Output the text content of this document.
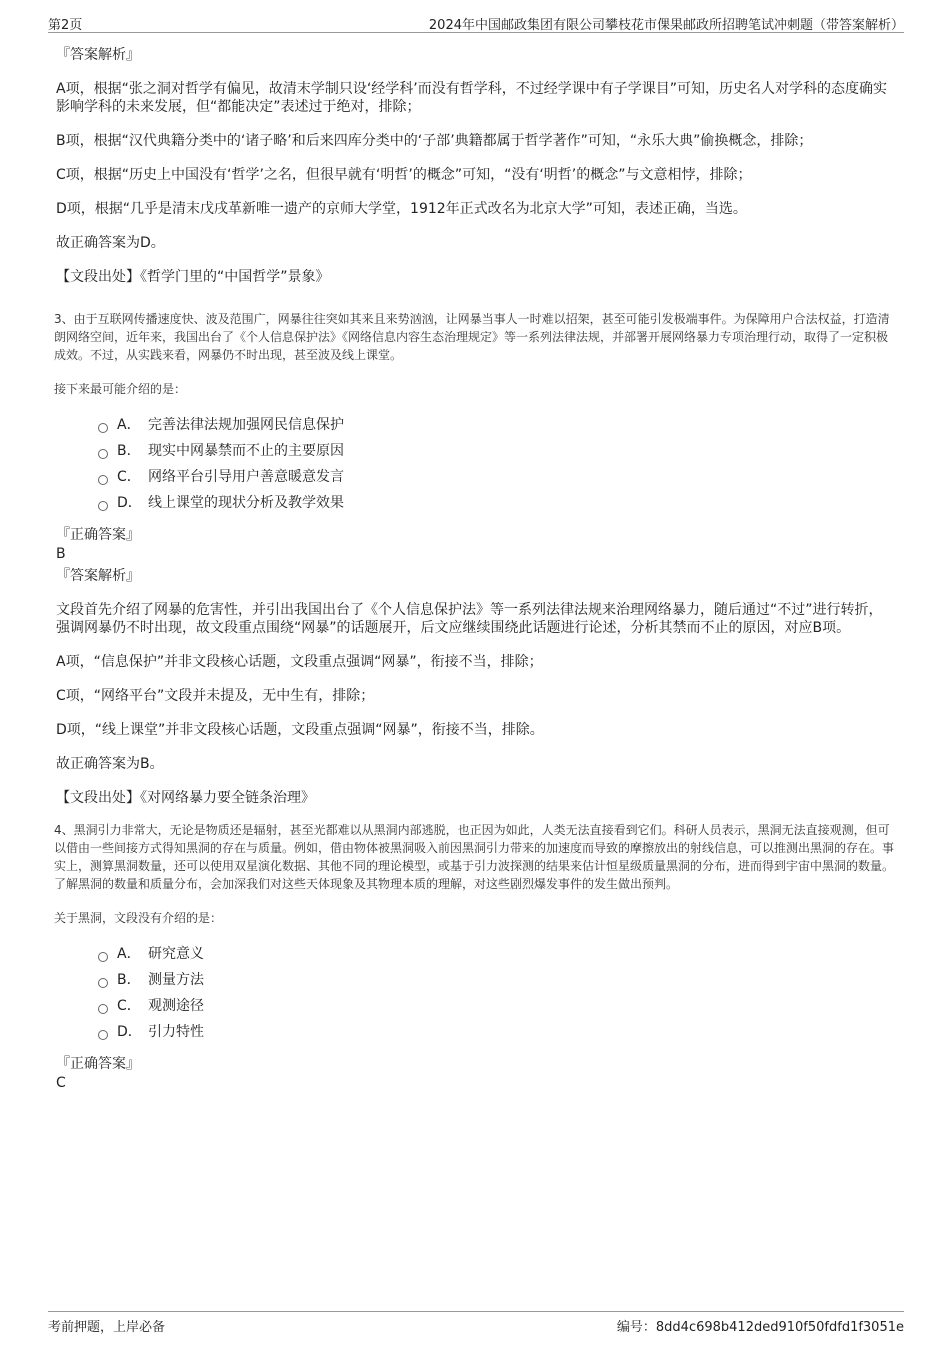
第2页	2024年中国邮政集团有限公司攀枝花市倮果邮政所招聘笔试冲刺题（带答案解析）
『答案解析』

A项，根据“张之洞对哲学有偏见，故清末学制只设‘经学科’而没有哲学科，不过经学课中有子学课目”可知，历史名人对学科的态度确实影响学科的未来发展，但“都能决定”表述过于绝对，排除；

B项，根据“汉代典籍分类中的‘诸子略’和后来四库分类中的‘子部’典籍都属于哲学著作”可知，“永乐大典”偷换概念，排除；

C项，根据“历史上中国没有‘哲学’之名，但很早就有‘明哲’的概念”可知，“没有‘明哲’的概念”与文意相悖，排除；

D项，根据“几乎是清末戊戌革新唯一遗产的京师大学堂，1912年正式改名为北京大学”可知，表述正确，当选。

故正确答案为D。

【文段出处】《哲学门里的“中国哲学”景象》

3、由于互联网传播速度快、波及范围广，网暴往往突如其来且来势汹汹，让网暴当事人一时难以招架，甚至可能引发极端事件。为保障用户合法权益，打造清朗网络空间，近年来，我国出台了《个人信息保护法》《网络信息内容生态治理规定》等一系列法律法规，并部署开展网络暴力专项治理行动，取得了一定积极成效。不过，从实践来看，网暴仍不时出现，甚至波及线上课堂。

接下来最可能介绍的是：
A． 完善法律法规加强网民信息保护
B． 现实中网暴禁而不止的主要原因
C． 网络平台引导用户善意暖意发言
D． 线上课堂的现状分析及教学效果
『正确答案』
B
『答案解析』

文段首先介绍了网暴的危害性，并引出我国出台了《个人信息保护法》等一系列法律法规来治理网络暴力，随后通过“不过”进行转折，强调网暴仍不时出现，故文段重点围绕“网暴”的话题展开，后文应继续围绕此话题进行论述，分析其禁而不止的原因，对应B项。

A项，“信息保护”并非文段核心话题，文段重点强调“网暴”，衔接不当，排除；

C项，“网络平台”文段并未提及，无中生有，排除；

D项，“线上课堂”并非文段核心话题，文段重点强调“网暴”，衔接不当，排除。

故正确答案为B。

【文段出处】《对网络暴力要全链条治理》

4、黑洞引力非常大，无论是物质还是辐射，甚至光都难以从黑洞内部逃脱，也正因为如此，人类无法直接看到它们。科研人员表示，黑洞无法直接观测，但可以借由一些间接方式得知黑洞的存在与质量。例如，借由物体被黑洞吸入前因黑洞引力带来的加速度而导致的摩擦放出的射线信息，可以推测出黑洞的存在。事实上，测算黑洞数量，还可以使用双星演化数据、其他不同的理论模型，或基于引力波探测的结果来估计恒星级质量黑洞的分布，进而得到宇宙中黑洞的数量。了解黑洞的数量和质量分布，会加深我们对这些天体现象及其物理本质的理解，对这些剧烈爆发事件的发生做出预判。

关于黑洞，文段没有介绍的是：
A． 研究意义
B． 测量方法
C． 观测途径
D． 引力特性
『正确答案』
C
考前押题，上岸必备	编号：8dd4c698b412ded910f50fdfd1f3051e
